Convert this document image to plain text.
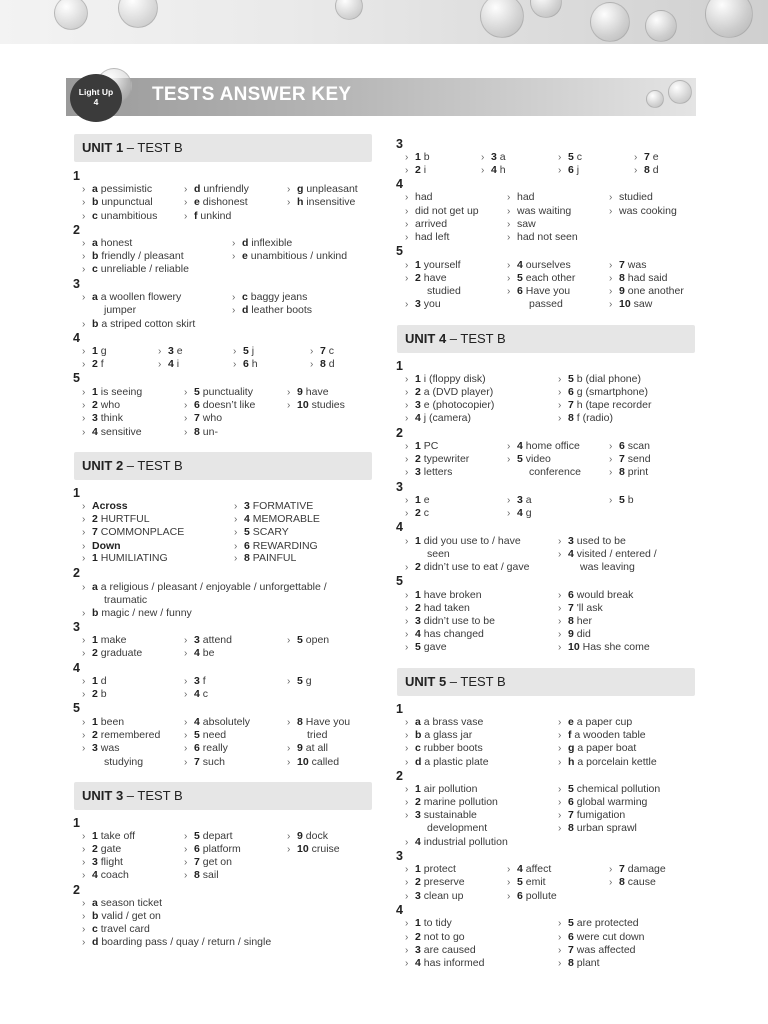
Light Up
4	TESTS ANSWER KEY
UNIT 1 – TEST B
1
› a pessimistic
› b unpunctual
› c unambitious
› d unfriendly
› e dishonest
› f unkind
› g unpleasant
› h insensitive
2
› a honest
› b friendly / pleasant
› c unreliable / reliable
› d inflexible
› e unambitious / unkind
3
› a a woollen flowery
› b a striped cotton skirt
› c baggy jeans
› d leather boots
jumper
4
› 1 g
› 2 f
› 3 e
› 4 i
› 5 j
› 6 h
› 7 c
› 8 d
5
› 1 is seeing
› 2 who
› 3 think
› 4 sensitive
› 5 punctuality
› 6 doesn’t like
› 7 who
› 8 un-
› 9 have
› 10 studies
UNIT 2 – TEST B
1
› Across
› 2 HURTFUL
› 7 COMMONPLACE
› Down
› 1 HUMILIATING
› 3 FORMATIVE
› 4 MEMORABLE
› 5 SCARY
› 6 REWARDING
› 8 PAINFUL
2
› a a religious / pleasant / enjoyable / unforgettable /
› b magic / new / funny
traumatic
3
› 1 make
› 2 graduate
› 3 attend
› 4 be
› 5 open
4
› 1 d
› 2 b
› 3 f
› 4 c
› 5 g
5
› 1 been
› 2 remembered
› 3 was
› 4 absolutely
› 5 need
› 6 really
› 7 such
› 8 Have you
› 9 at all
› 10 called
studying
tried
UNIT 3 – TEST B
1
› 1 take off
› 2 gate
› 3 flight
› 4 coach
› 5 depart
› 6 platform
› 7 get on
› 8 sail
› 9 dock
› 10 cruise
2
› a season ticket
› b valid / get on
› c travel card
› d boarding pass / quay / return / single
3
› 1 b
› 2 i
› 3 a
› 4 h
› 5 c
› 6 j
› 7 e
› 8 d
4
› had
› did not get up
› arrived
› had left
› had
› was waiting
› saw
› had not seen
› studied
› was cooking
5
› 1 yourself
› 2 have
› 3 you
› 4 ourselves
› 5 each other
› 6 Have you
› 7 was
› 8 had said
› 9 one another
› 10 saw
studied
passed
UNIT 4 – TEST B
1
› 1 i (floppy disk)
› 2 a (DVD player)
› 3 e (photocopier)
› 4 j (camera)
› 5 b (dial phone)
› 6 g (smartphone)
› 7 h (tape recorder
› 8 f (radio)
2
› 1 PC
› 2 typewriter
› 3 letters
› 4 home office
› 5 video
› 6 scan
› 7 send
› 8 print
conference
3
› 1 e
› 2 c
› 3 a
› 4 g
› 5 b
4
› 1 did you use to / have
› 2 didn’t use to eat / gave
› 3 used to be
› 4 visited / entered /
seen
was leaving
5
› 1 have broken
› 2 had taken
› 3 didn’t use to be
› 4 has changed
› 5 gave
› 6 would break
› 7 'll ask
› 8 her
› 9 did
› 10 Has she come
UNIT 5 – TEST B
1
› a a brass vase
› b a glass jar
› c rubber boots
› d a plastic plate
› e a paper cup
› f a wooden table
› g a paper boat
› h a porcelain kettle
2
› 1 air pollution
› 2 marine pollution
› 3 sustainable
› 4 industrial pollution
› 5 chemical pollution
› 6 global warming
› 7 fumigation
› 8 urban sprawl
development
3
› 1 protect
› 2 preserve
› 3 clean up
› 4 affect
› 5 emit
› 6 pollute
› 7 damage
› 8 cause
4
› 1 to tidy
› 2 not to go
› 3 are caused
› 4 has informed
› 5 are protected
› 6 were cut down
› 7 was affected
› 8 plant
